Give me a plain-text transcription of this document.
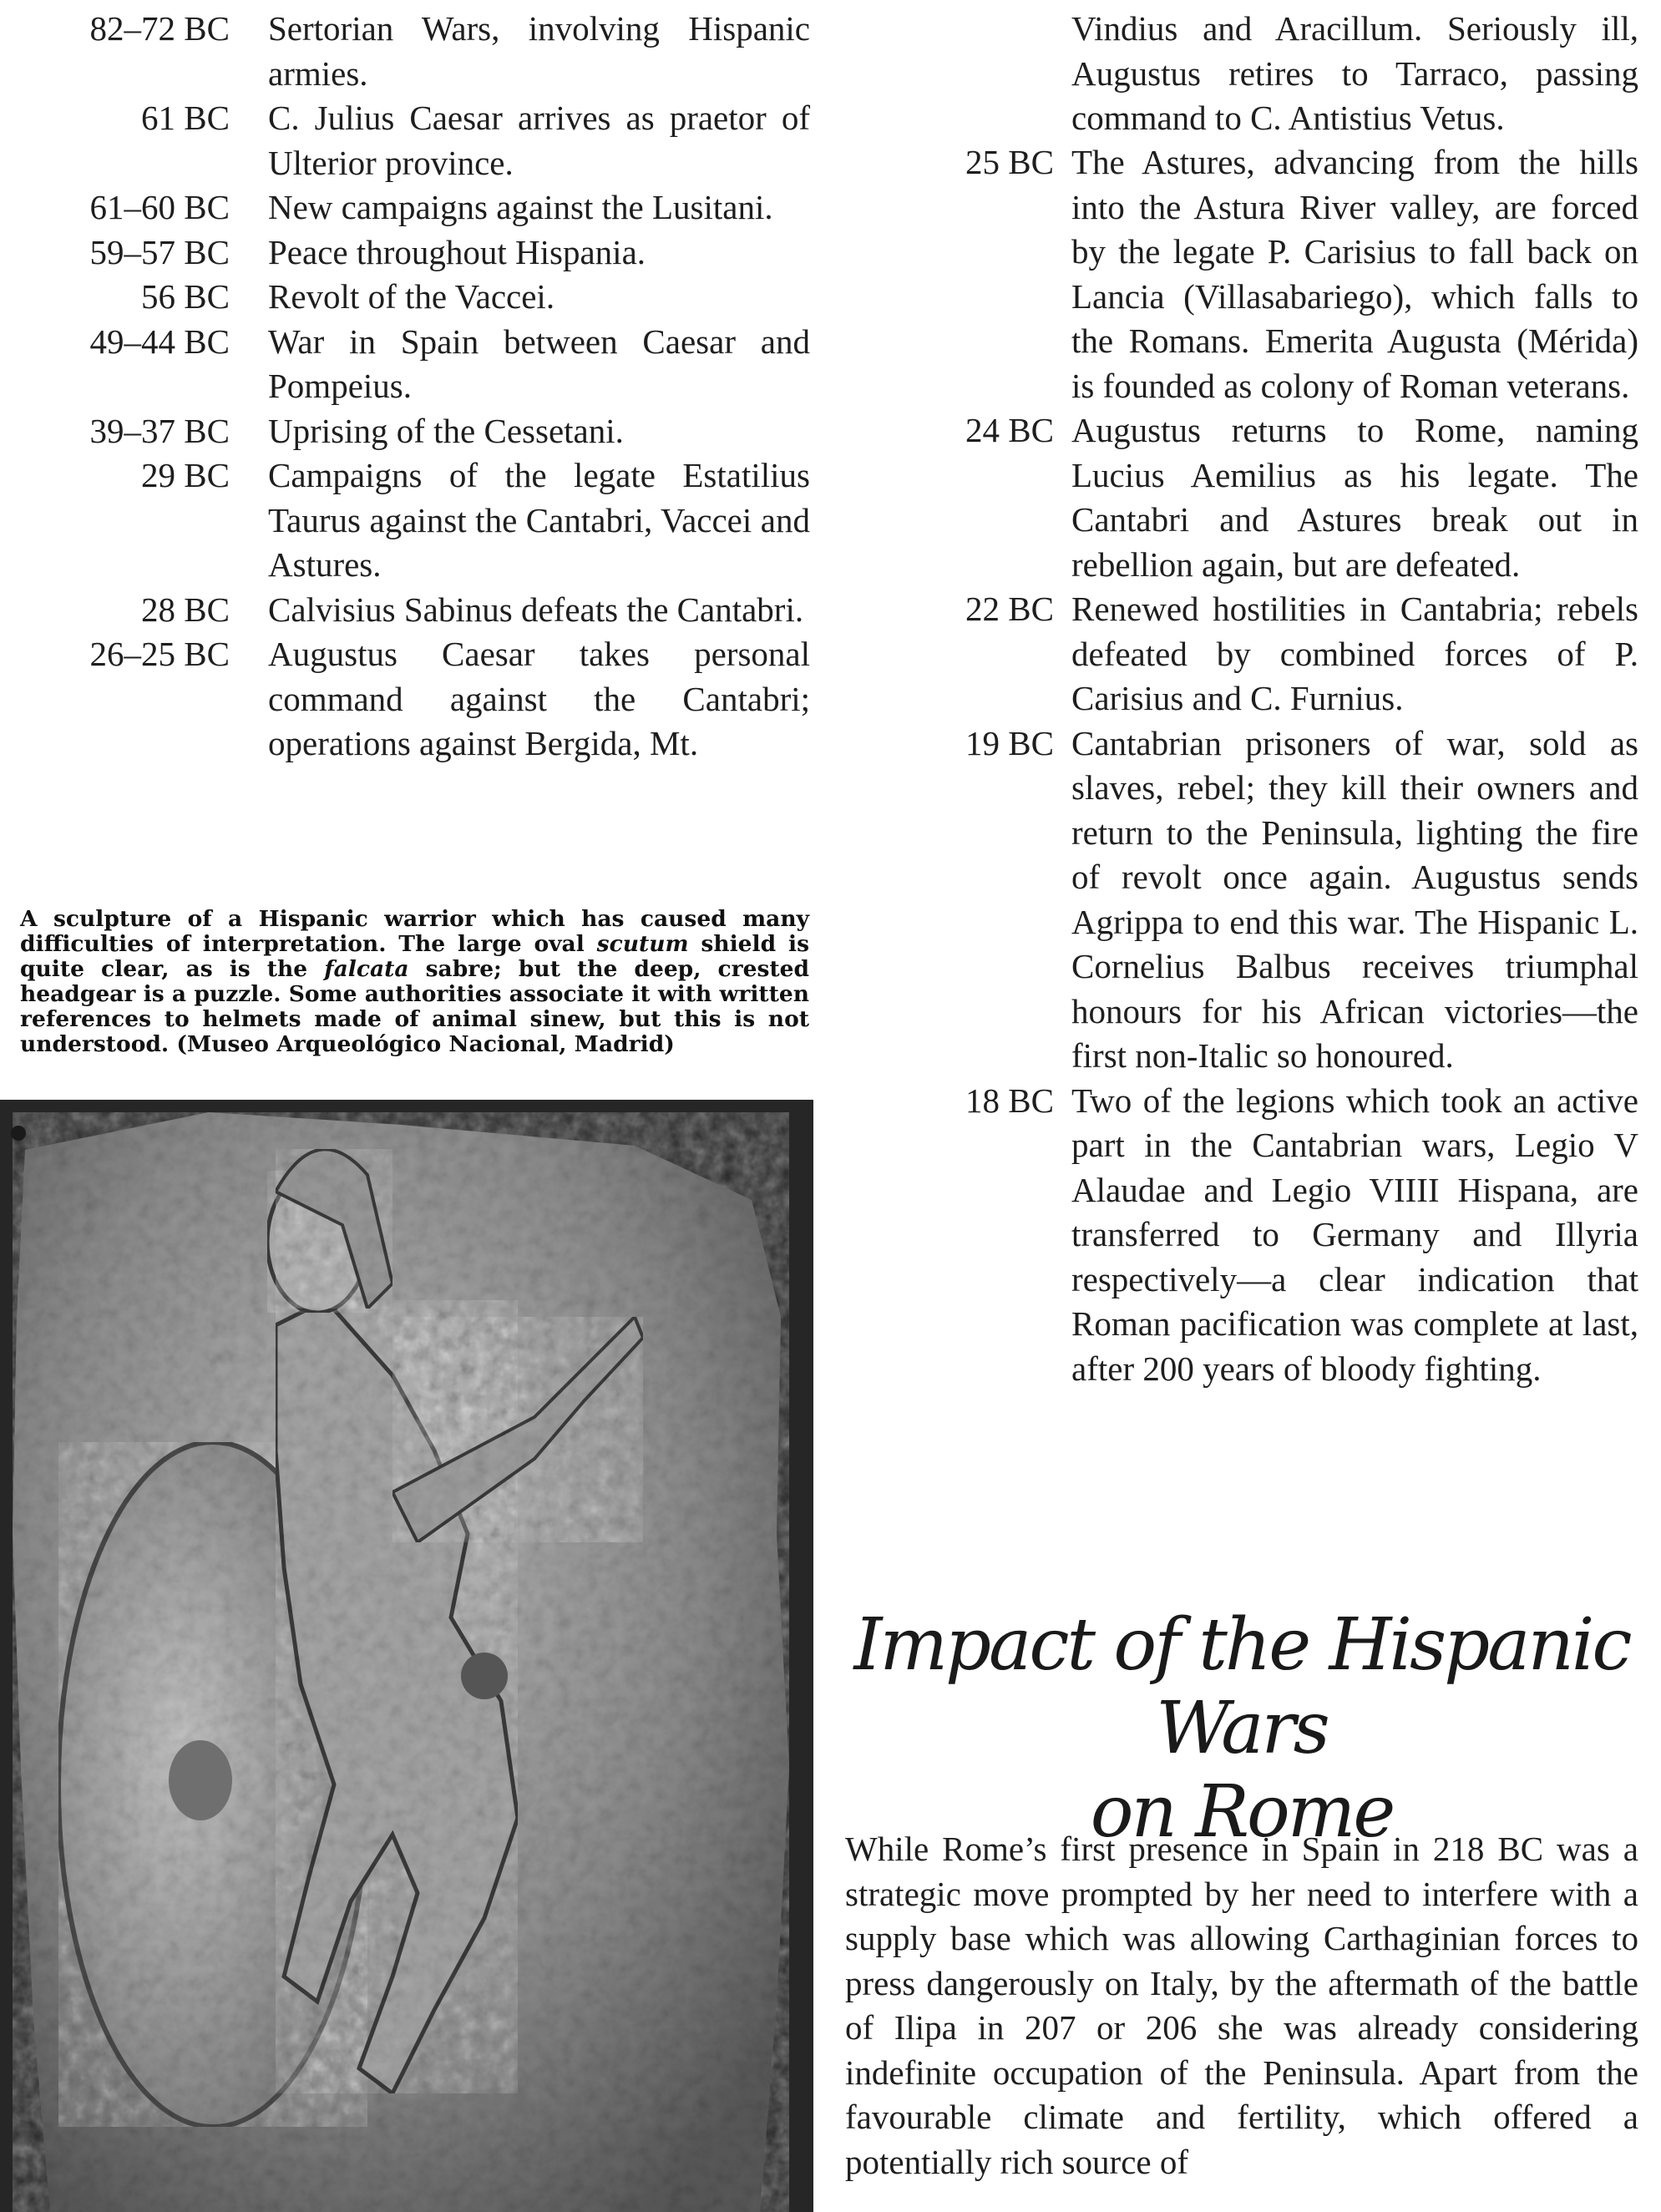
82–72 BC Sertorian Wars, involving Hispanic armies.
61 BC C. Julius Caesar arrives as praetor of Ulterior province.
61–60 BC New campaigns against the Lusitani.
59–57 BC Peace throughout Hispania.
56 BC Revolt of the Vaccei.
49–44 BC War in Spain between Caesar and Pompeius.
39–37 BC Uprising of the Cessetani.
29 BC Campaigns of the legate Estatilius Taurus against the Cantabri, Vaccei and Astures.
28 BC Calvisius Sabinus defeats the Cantabri.
26–25 BC Augustus Caesar takes personal command against the Cantabri; operations against Bergida, Mt.
A sculpture of a Hispanic warrior which has caused many difficulties of interpretation. The large oval scutum shield is quite clear, as is the falcata sabre; but the deep, crested headgear is a puzzle. Some authorities associate it with written references to helmets made of animal sinew, but this is not understood. (Museo Arqueológico Nacional, Madrid)
Vindius and Aracillum. Seriously ill, Augustus retires to Tarraco, passing command to C. Antistius Vetus.
25 BC The Astures, advancing from the hills into the Astura River valley, are forced by the legate P. Carisius to fall back on Lancia (Villasabariego), which falls to the Romans. Emerita Augusta (Mérida) is founded as colony of Roman veterans.
24 BC Augustus returns to Rome, naming Lucius Aemilius as his legate. The Cantabri and Astures break out in rebellion again, but are defeated.
22 BC Renewed hostilities in Cantabria; rebels defeated by combined forces of P. Carisius and C. Furnius.
19 BC Cantabrian prisoners of war, sold as slaves, rebel; they kill their owners and return to the Peninsula, lighting the fire of revolt once again. Augustus sends Agrippa to end this war. The Hispanic L. Cornelius Balbus receives triumphal honours for his African victories—the first non-Italic so honoured.
18 BC Two of the legions which took an active part in the Cantabrian wars, Legio V Alaudae and Legio VIIII Hispana, are transferred to Germany and Illyria respectively—a clear indication that Roman pacification was complete at last, after 200 years of bloody fighting.
Impact of the Hispanic Wars
on Rome
While Rome’s first presence in Spain in 218 BC was a strategic move prompted by her need to interfere with a supply base which was allowing Carthaginian forces to press dangerously on Italy, by the aftermath of the battle of Ilipa in 207 or 206 she was already considering indefinite occupation of the Peninsula. Apart from the favourable climate and fertility, which offered a potentially rich source of
